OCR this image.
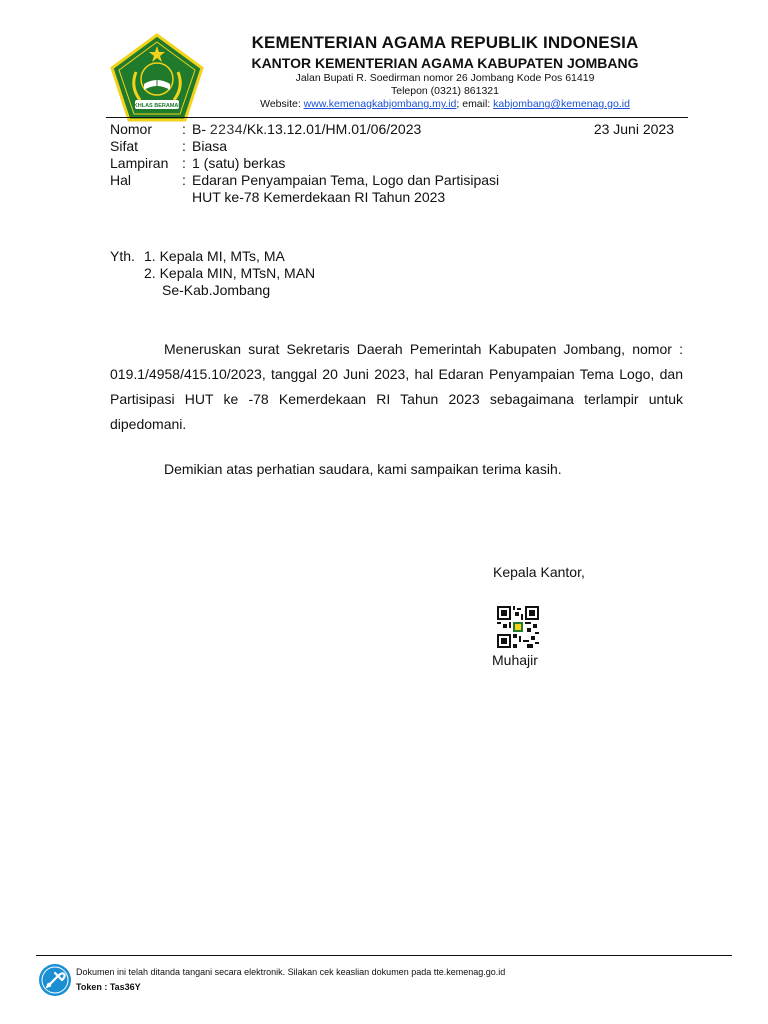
IKHLAS BERAMAL
KEMENTERIAN AGAMA REPUBLIK INDONESIA
KANTOR KEMENTERIAN AGAMA KABUPATEN JOMBANG
Jalan Bupati R. Soedirman nomor 26 Jombang Kode Pos 61419
Telepon (0321) 861321
Website: www.kemenagkabjombang.my.id; email: kabjombang@kemenag.go.id
Nomor	: B- 2234/Kk.13.12.01/HM.01/06/2023	23 Juni 2023
Sifat	: Biasa
Lampiran : 1 (satu) berkas
Hal	: Edaran Penyampaian Tema, Logo dan Partisipasi
HUT ke-78 Kemerdekaan RI Tahun 2023
Yth. 1. Kepala MI, MTs, MA
2. Kepala MIN, MTsN, MAN
Se-Kab.Jombang

Meneruskan surat Sekretaris Daerah Pemerintah Kabupaten Jombang, nomor : 019.1/4958/415.10/2023, tanggal 20 Juni 2023, hal Edaran Penyampaian Tema Logo, dan Partisipasi HUT ke -78 Kemerdekaan RI Tahun 2023 sebagaimana terlampir untuk dipedomani.

Demikian atas perhatian saudara, kami sampaikan terima kasih.
Kepala Kantor,
Muhajir
Dokumen ini telah ditanda tangani secara elektronik. Silakan cek keaslian dokumen pada tte.kemenag.go.id
Token : Tas36Y
